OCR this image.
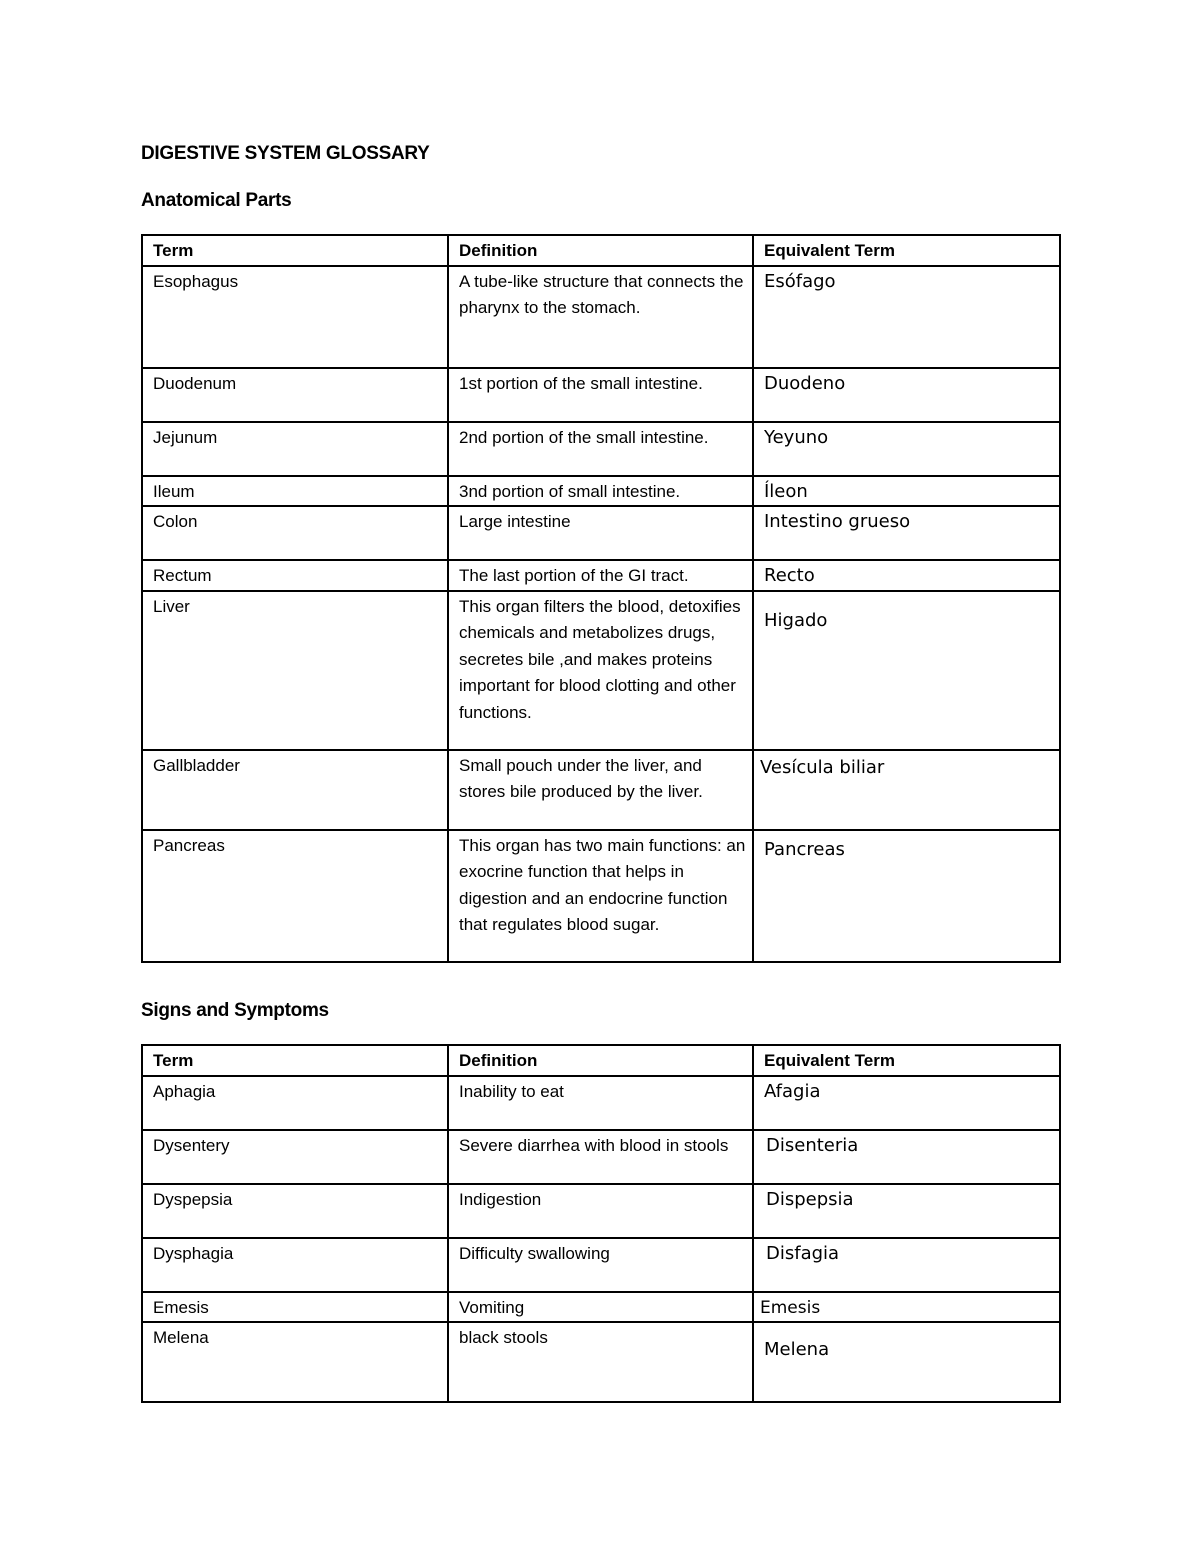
DIGESTIVE SYSTEM GLOSSARY
Anatomical Parts
Term	Definition	Equivalent Term
Esophagus	A tube-like structure that connects the pharynx to the stomach.	Esófago
Duodenum	1st portion of the small intestine.	Duodeno
Jejunum	2nd portion of the small intestine.	Yeyuno
Ileum	3nd portion of small intestine.	Íleon
Colon	Large intestine	Intestino grueso
Rectum	The last portion of the GI tract.	Recto
Liver	This organ filters the blood, detoxifies chemicals and metabolizes drugs, secretes bile ,and makes proteins important for blood clotting and other functions.	Higado
Gallbladder	Small pouch under the liver, and stores bile produced by the liver.	Vesícula biliar
Pancreas	This organ has two main functions: an exocrine function that helps in digestion and an endocrine function that regulates blood sugar.	Pancreas
Signs and Symptoms
Term	Definition	Equivalent Term
Aphagia	Inability to eat	Afagia
Dysentery	Severe diarrhea with blood in stools	Disenteria
Dyspepsia	Indigestion	Dispepsia
Dysphagia	Difficulty swallowing	Disfagia
Emesis	Vomiting	Emesis
Melena	black stools	Melena
